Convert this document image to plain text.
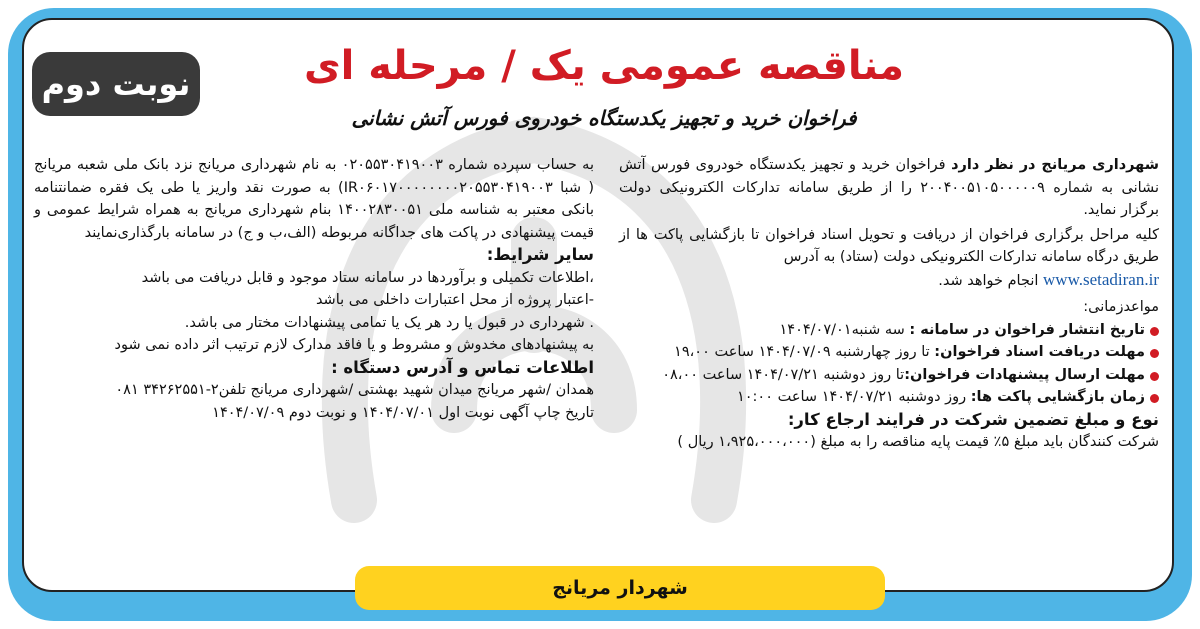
نوبت دوم	مناقصه عمومی یک / مرحله ای
فراخوان خرید و تجهیز یکدستگاه خودروی فورس آتش نشانی

شهرداری مریانج در نظر دارد فراخوان خرید و تجهیز یکدستگاه خودروی فورس آتش نشانی به شماره ۲۰۰۴۰۰۵۱۰۵۰۰۰۰۰۹ را از طریق سامانه تدارکات الکترونیکی دولت برگزار نماید.

کلیه مراحل برگزاری فراخوان از دریافت و تحویل اسناد فراخوان تا بازگشایی پاکت ها از طریق درگاه سامانه تدارکات الکترونیکی دولت (ستاد) به آدرس
www.setadiran.ir انجام خواهد شد.

مواعدزمانی:

تاریخ انتشار فراخوان در سامانه : سه شنبه۱۴۰۴/۰۷/۰۱

مهلت دریافت اسناد فراخوان: تا روز چهارشنبه ۱۴۰۴/۰۷/۰۹ ساعت ۱۹،۰۰

مهلت ارسال پیشنهادات فراخوان:تا روز دوشنبه ۱۴۰۴/۰۷/۲۱ ساعت ۰۸،۰۰

زمان بازگشایی پاکت ها: روز دوشنبه ۱۴۰۴/۰۷/۲۱ ساعت ۱۰:۰۰

نوع و مبلغ تضمین شرکت در فرایند ارجاع کار:

شرکت کنندگان باید مبلغ ۵٪ قیمت پایه مناقصه را به مبلغ (۱،۹۲۵،۰۰۰،۰۰۰ ریال )

به حساب سپرده شماره ۰۲۰۵۵۳۰۴۱۹۰۰۳ به نام شهرداری مریانج نزد بانک ملی شعبه مریانج ( شبا IR۰۶۰۱۷۰۰۰۰۰۰۰۰۲۰۵۵۳۰۴۱۹۰۰۳) به صورت نقد واریز یا طی یک فقره ضمانتنامه بانکی معتبر به شناسه ملی ۱۴۰۰۲۸۳۰۰۵۱ بنام شهرداری مریانج به همراه شرایط عمومی و قیمت پیشنهادی در پاکت های جداگانه مربوطه (الف،ب و ج) در سامانه بارگذاری‌نمایند

سایر شرایط:

،اطلاعات تکمیلی و برآوردها در سامانه ستاد موجود و قابل دریافت می باشد

-اعتبار پروژه از محل اعتبارات داخلی می باشد

. شهرداری در قبول یا رد هر یک یا تمامی پیشنهادات مختار می باشد.

به پیشنهادهای مخدوش و مشروط و یا فاقد مدارک لازم ترتیب اثر داده نمی شود

اطلاعات تماس و آدرس دستگاه :

همدان /شهر مریانج میدان شهید بهشتی /شهرداری مریانج تلفن۲-۳۴۲۶۲۵۵۱ ۰۸۱

تاریخ چاپ آگهی نوبت اول ۱۴۰۴/۰۷/۰۱ و نوبت دوم ۱۴۰۴/۰۷/۰۹

شهردار مریانج
